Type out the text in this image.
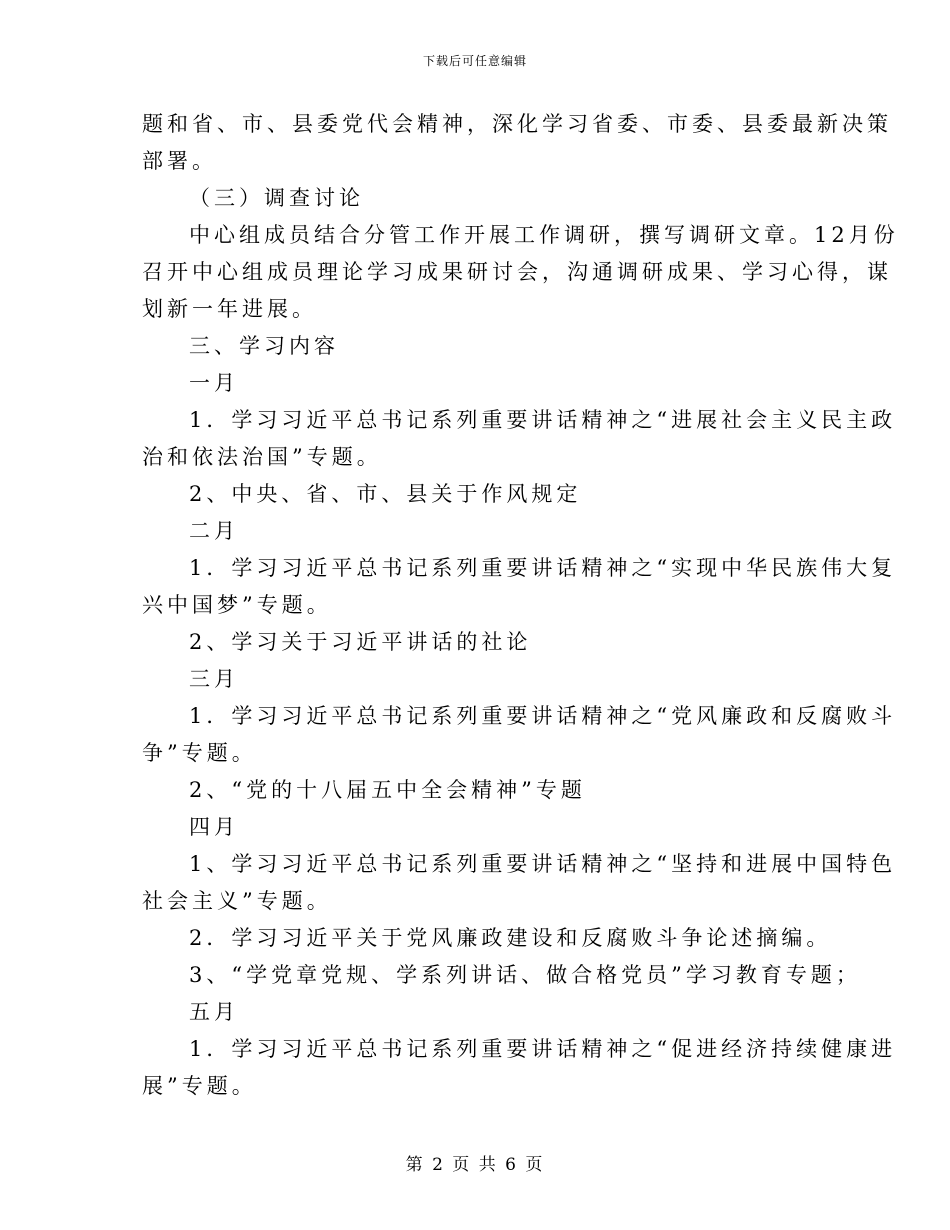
下载后可任意编辑

题和省、市、县委党代会精神，深化学习省委、市委、县委最新决策

部署。

（三）调查讨论

中心组成员结合分管工作开展工作调研，撰写调研文章。12月份

召开中心组成员理论学习成果研讨会，沟通调研成果、学习心得，谋

划新一年进展。

三、学习内容

一月

1．学习习近平总书记系列重要讲话精神之“进展社会主义民主政

治和依法治国”专题。

2、中央、省、市、县关于作风规定

二月

1．学习习近平总书记系列重要讲话精神之“实现中华民族伟大复

兴中国梦”专题。

2、学习关于习近平讲话的社论

三月

1．学习习近平总书记系列重要讲话精神之“党风廉政和反腐败斗

争”专题。

2、“党的十八届五中全会精神”专题

四月

1、学习习近平总书记系列重要讲话精神之“坚持和进展中国特色

社会主义”专题。

2．学习习近平关于党风廉政建设和反腐败斗争论述摘编。

3、“学党章党规、学系列讲话、做合格党员”学习教育专题；

五月

1．学习习近平总书记系列重要讲话精神之“促进经济持续健康进

展”专题。

第 2 页 共 6 页
